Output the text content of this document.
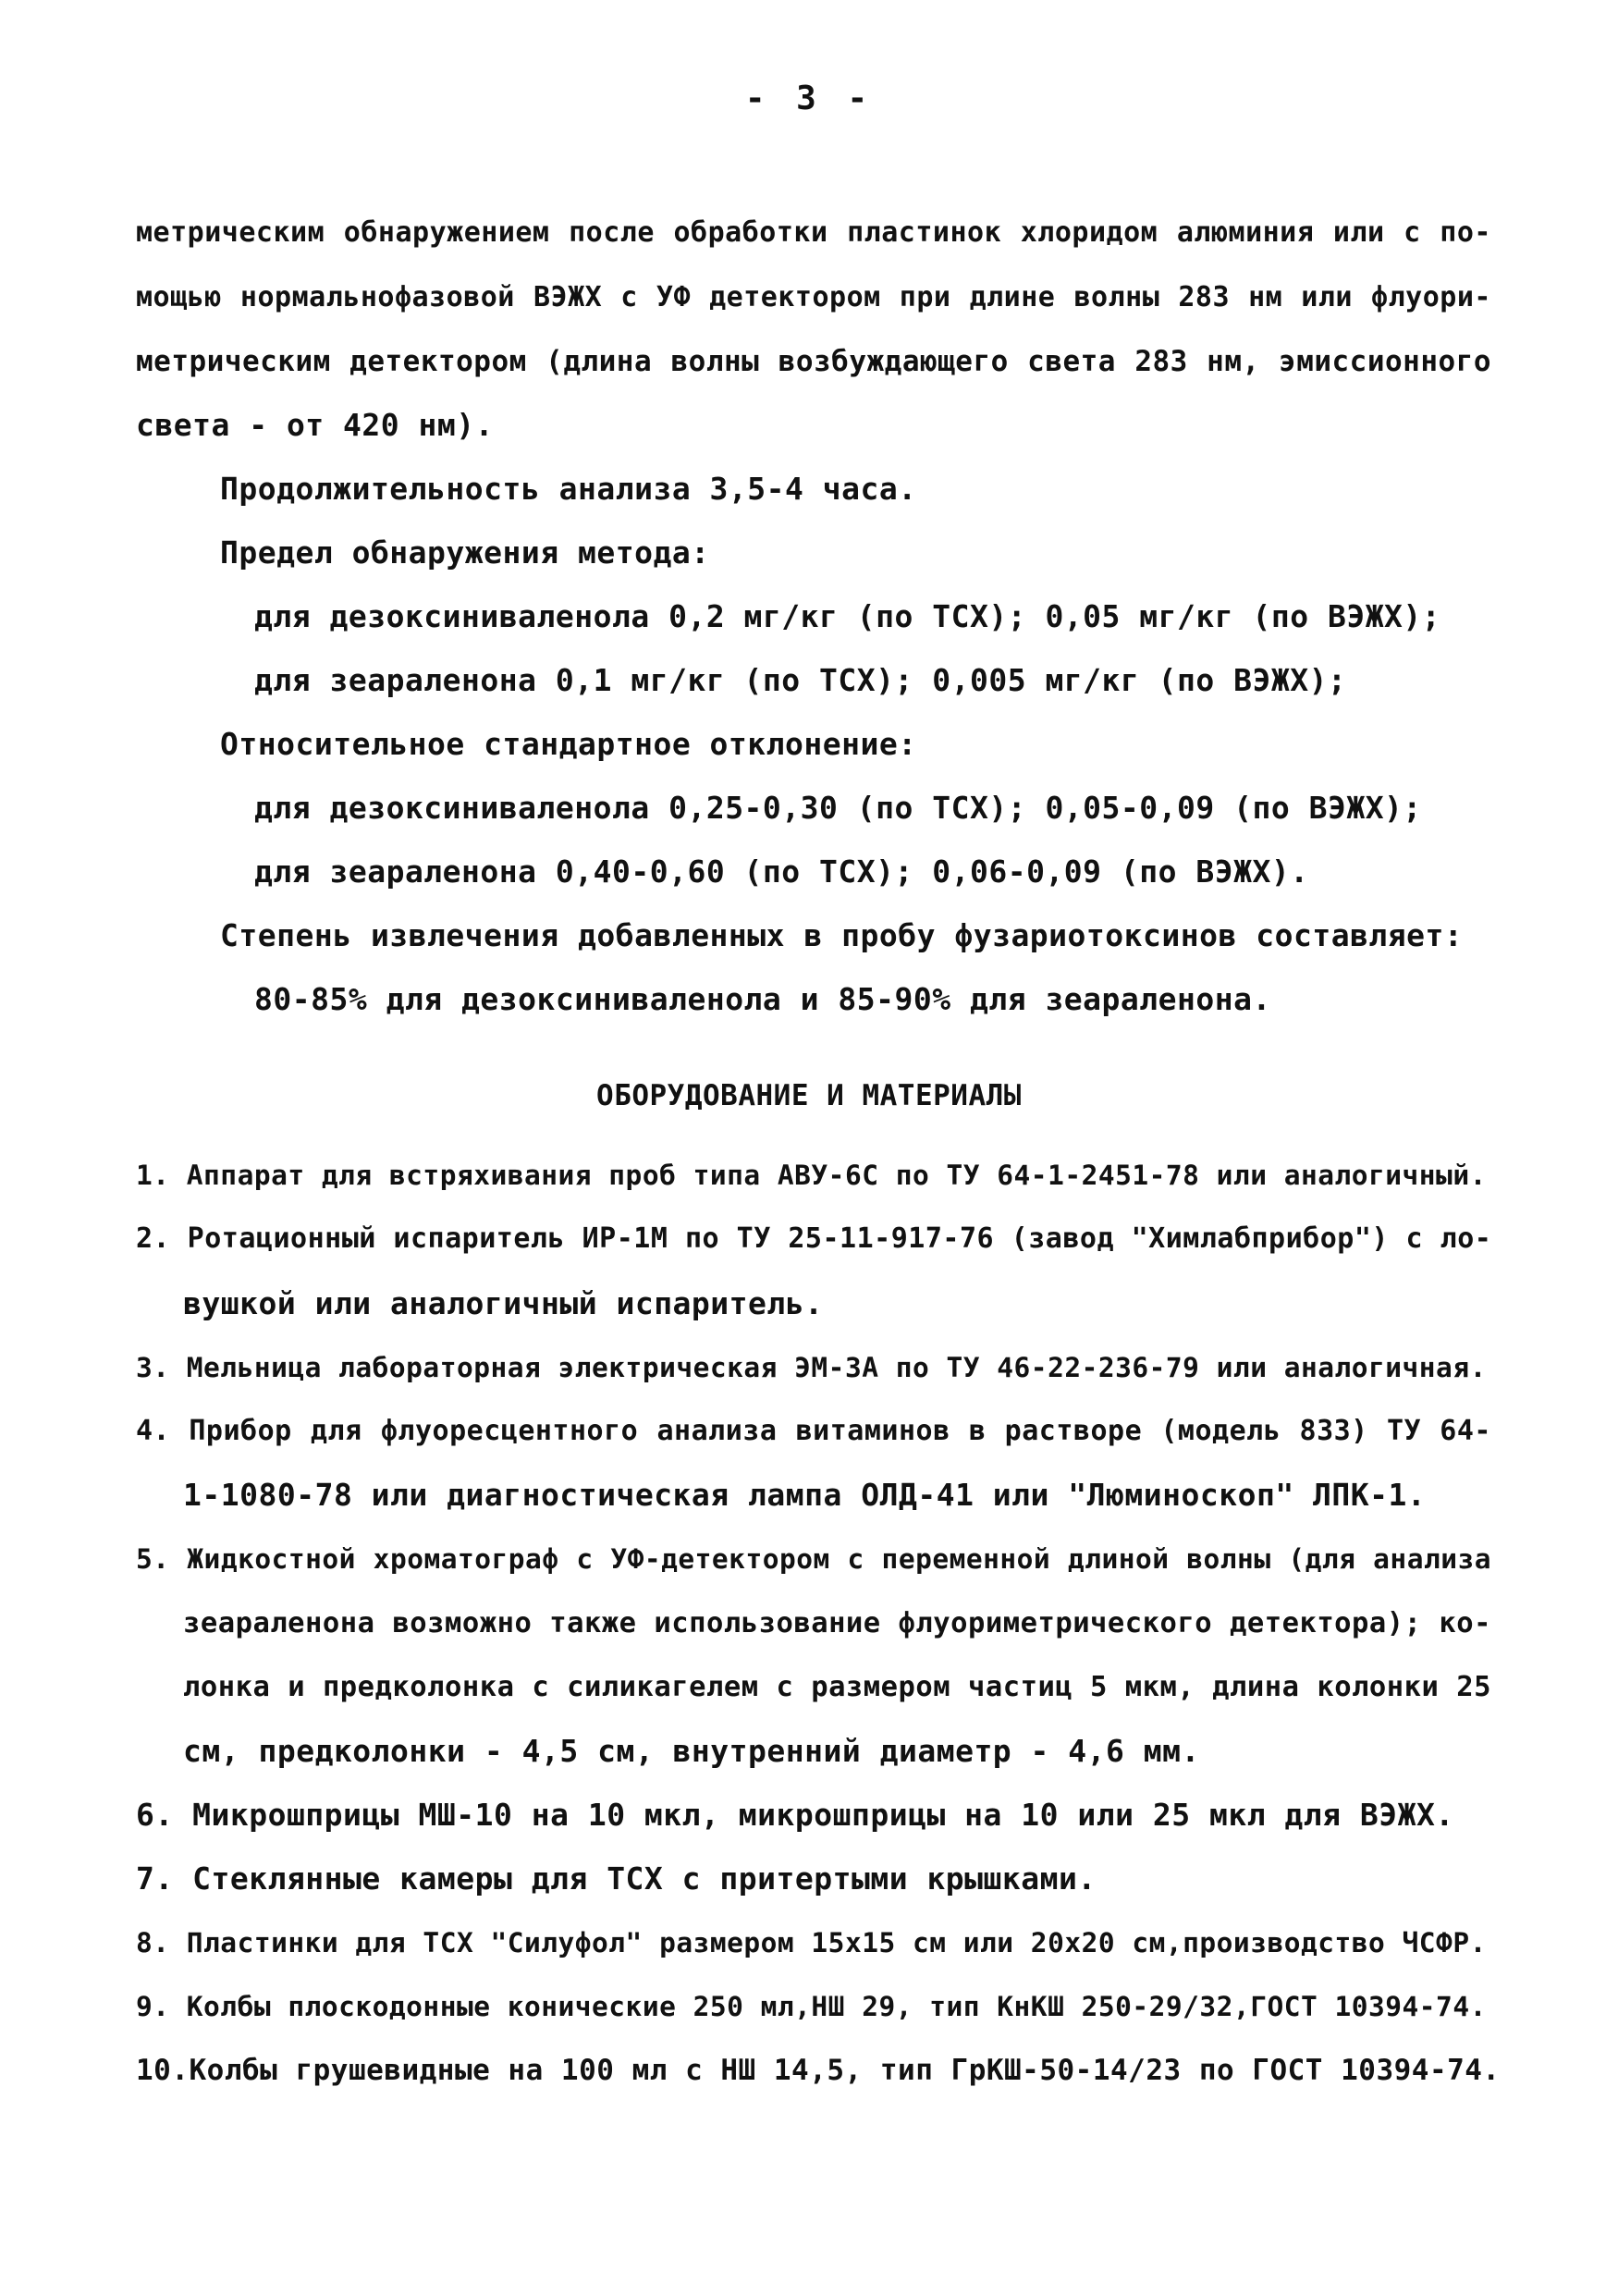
- 3 -
метрическим обнаружением после обработки пластинок хлоридом алюминия или с по-
мощью нормальнофазовой ВЭЖХ с УФ детектором при длине волны 283 нм или флуори-
метрическим детектором (длина волны возбуждающего света 283 нм, эмиссионного
света - от 420 нм).
Продолжительность анализа 3,5-4 часа.
Предел обнаружения метода:
для дезоксиниваленола 0,2 мг/кг (по ТСХ); 0,05 мг/кг (по ВЭЖХ);
для зеараленона 0,1 мг/кг (по ТСХ); 0,005 мг/кг (по ВЭЖХ);
Относительное стандартное отклонение:
для дезоксиниваленола 0,25-0,30 (по ТСХ); 0,05-0,09 (по ВЭЖХ);
для зеараленона 0,40-0,60 (по ТСХ); 0,06-0,09 (по ВЭЖХ).
Степень извлечения добавленных в пробу фузариотоксинов составляет:
80-85% для дезоксиниваленола и 85-90% для зеараленона.
ОБОРУДОВАНИЕ И МАТЕРИАЛЫ
1. Аппарат для встряхивания проб типа АВУ-6С по ТУ 64-1-2451-78 или аналогичный.
2. Ротационный испаритель ИР-1М по ТУ 25-11-917-76 (завод "Химлабприбор") с ло-
вушкой или аналогичный испаритель.
3. Мельница лабораторная электрическая ЭМ-3А по ТУ 46-22-236-79 или аналогичная.
4. Прибор для флуоресцентного анализа витаминов в растворе (модель 833) ТУ 64-
1-1080-78 или диагностическая лампа ОЛД-41 или "Люминоскоп" ЛПК-1.
5. Жидкостной хроматограф с УФ-детектором с переменной длиной волны (для анализа
зеараленона возможно также использование флуориметрического детектора); ко-
лонка и предколонка с силикагелем с размером частиц 5 мкм, длина колонки 25
см, предколонки - 4,5 см, внутренний диаметр - 4,6 мм.
6. Микрошприцы МШ-10 на 10 мкл, микрошприцы на 10 или 25 мкл для ВЭЖХ.
7. Стеклянные камеры для ТСХ с притертыми крышками.
8. Пластинки для ТСХ "Силуфол" размером 15х15 см или 20х20 см,производство ЧСФР.
9. Колбы плоскодонные конические 250 мл,НШ 29, тип КнКШ 250-29/32,ГОСТ 10394-74.
10.Колбы грушевидные на 100 мл с НШ 14,5, тип ГрКШ-50-14/23 по ГОСТ 10394-74.
